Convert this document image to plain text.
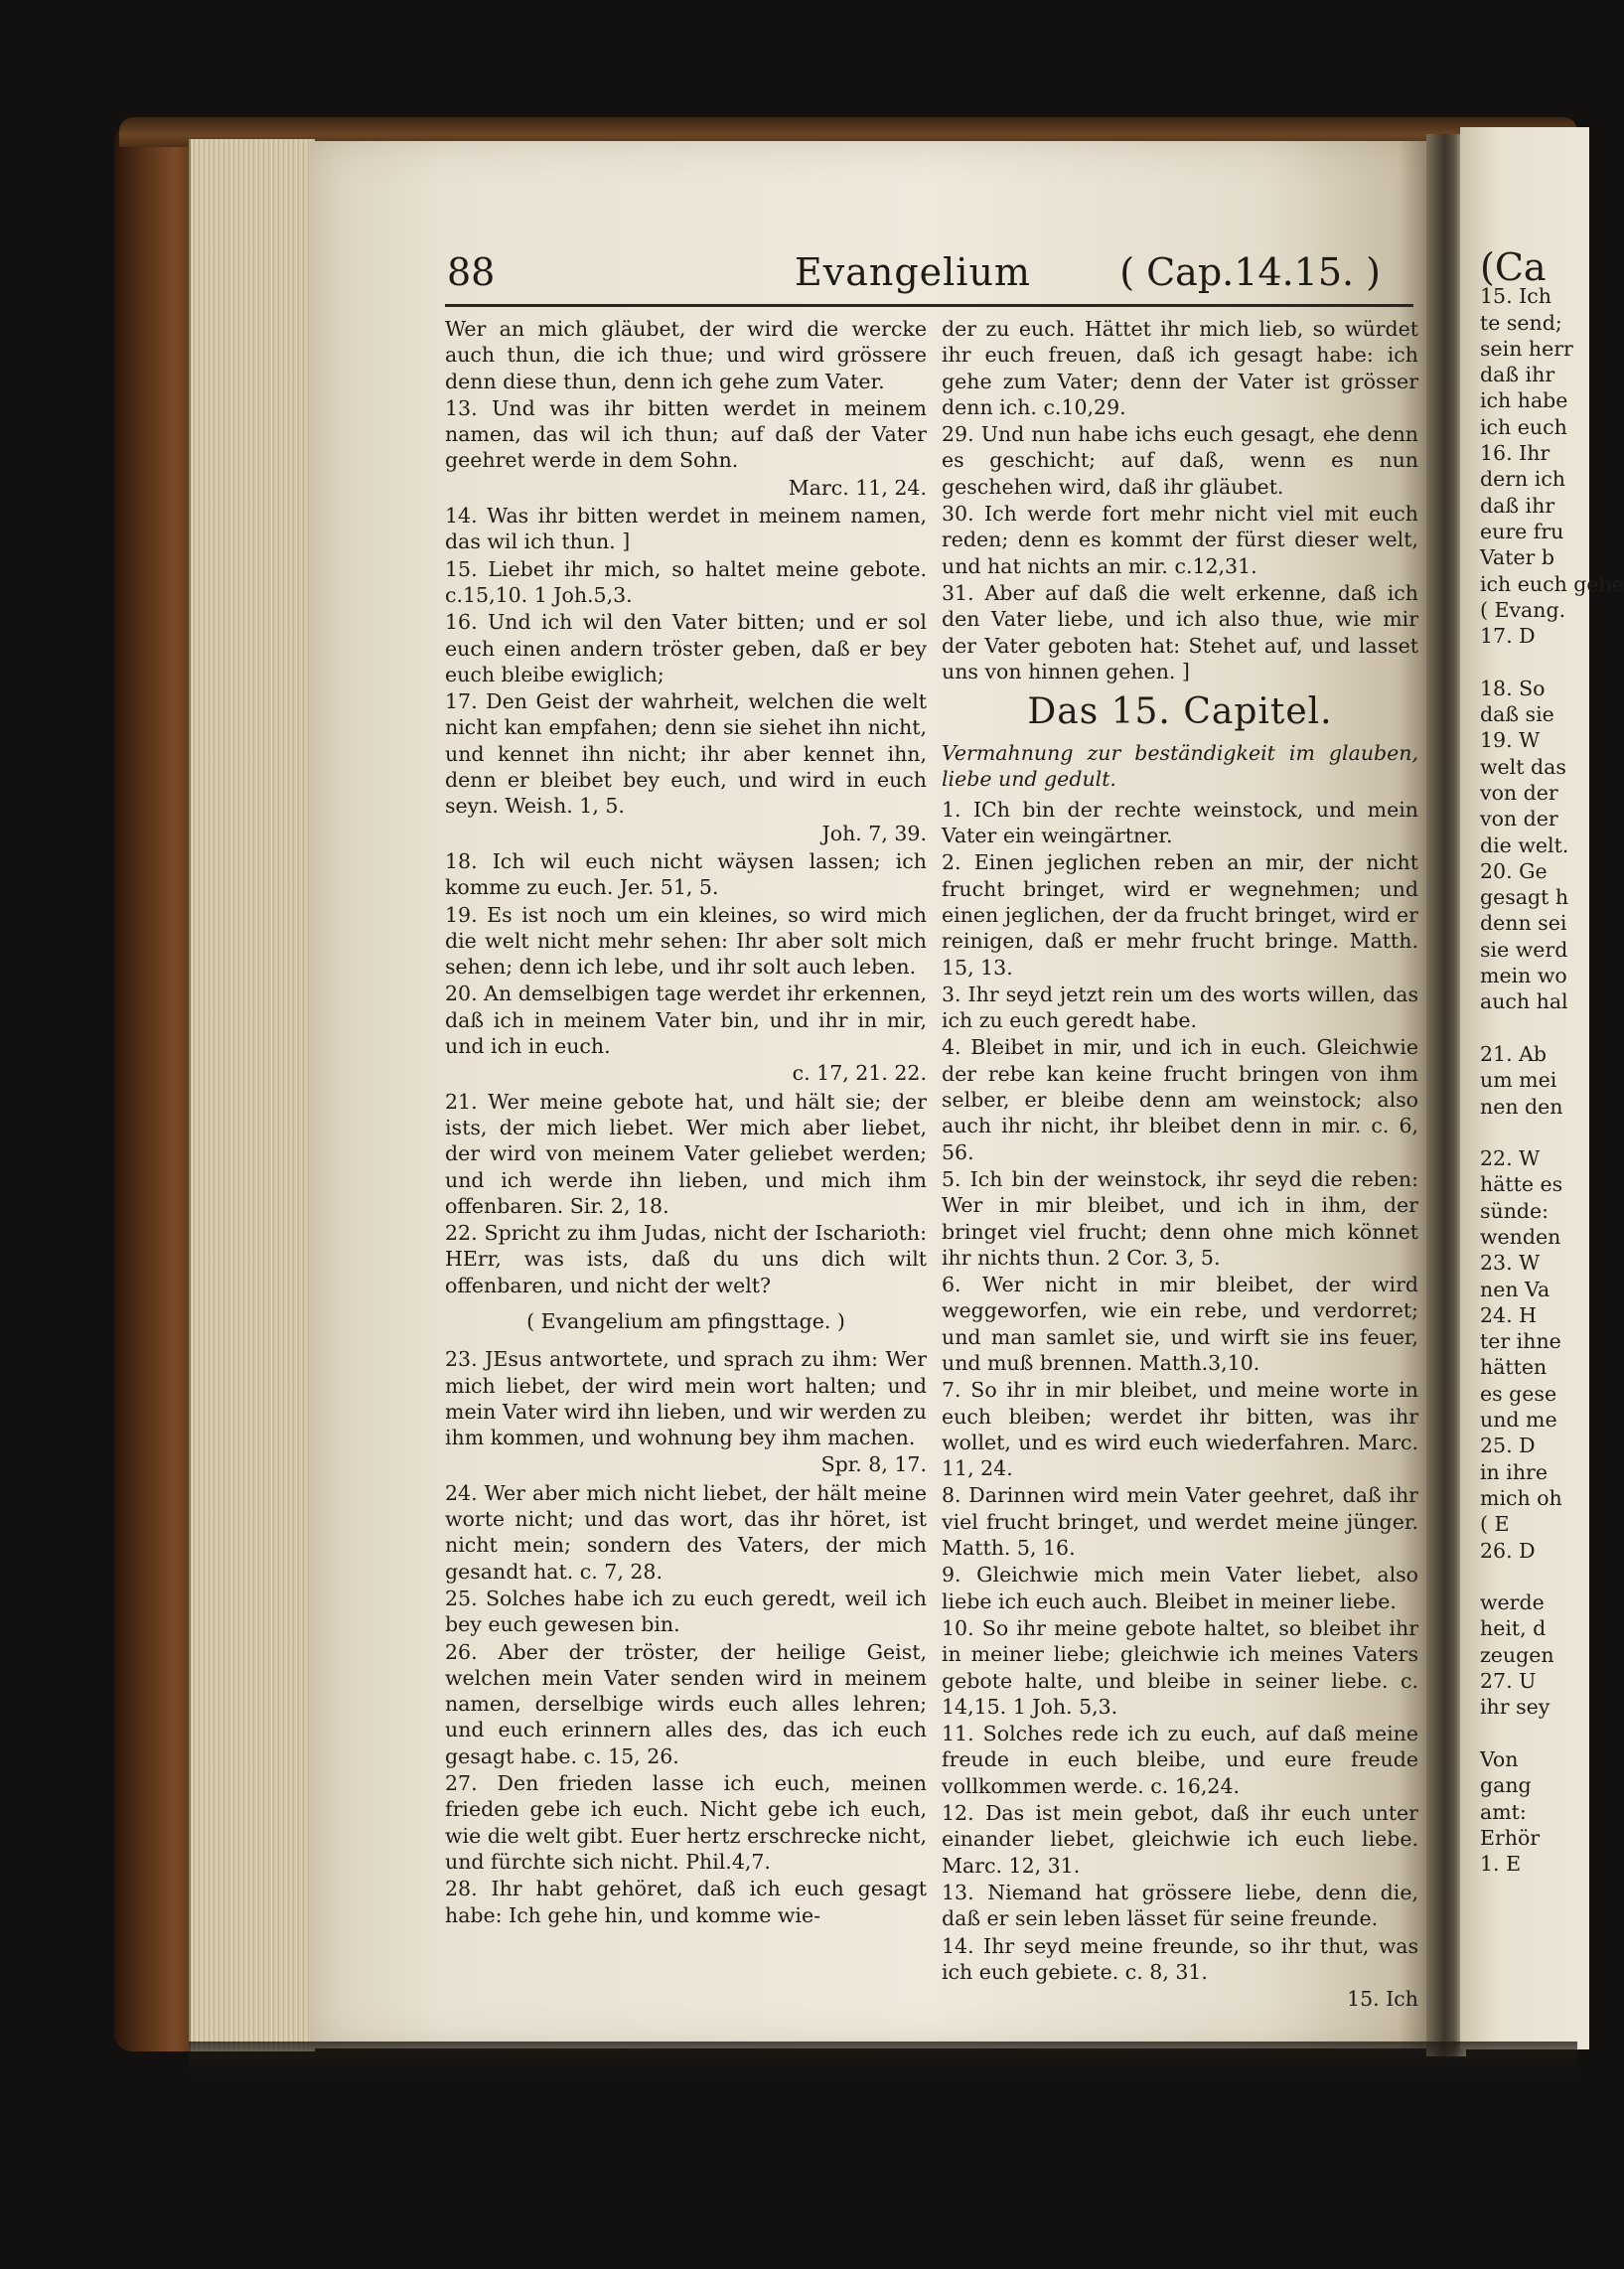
88	Evangelium ( Cap.14.15. )

Wer an mich gläubet, der wird die wercke auch thun, die ich thue; und wird grössere denn diese thun, denn ich gehe zum Vater.

13. Und was ihr bitten werdet in meinem namen, das wil ich thun; auf daß der Vater geehret werde in dem Sohn.

Marc. 11, 24.

14. Was ihr bitten werdet in meinem namen, das wil ich thun. ]

15. Liebet ihr mich, so haltet meine gebote. c.15,10. 1 Joh.5,3.

16. Und ich wil den Vater bitten; und er sol euch einen andern tröster geben, daß er bey euch bleibe ewiglich;

17. Den Geist der wahrheit, welchen die welt nicht kan empfahen; denn sie siehet ihn nicht, und kennet ihn nicht; ihr aber kennet ihn, denn er bleibet bey euch, und wird in euch seyn. Weish. 1, 5.

Joh. 7, 39.

18. Ich wil euch nicht wäysen lassen; ich komme zu euch. Jer. 51, 5.

19. Es ist noch um ein kleines, so wird mich die welt nicht mehr sehen: Ihr aber solt mich sehen; denn ich lebe, und ihr solt auch leben.

20. An demselbigen tage werdet ihr erkennen, daß ich in meinem Vater bin, und ihr in mir, und ich in euch.

c. 17, 21. 22.

21. Wer meine gebote hat, und hält sie; der ists, der mich liebet. Wer mich aber liebet, der wird von meinem Vater geliebet werden; und ich werde ihn lieben, und mich ihm offenbaren. Sir. 2, 18.

22. Spricht zu ihm Judas, nicht der Ischarioth: HErr, was ists, daß du uns dich wilt offenbaren, und nicht der welt?

( Evangelium am pfingsttage. )

23. JEsus antwortete, und sprach zu ihm: Wer mich liebet, der wird mein wort halten; und mein Vater wird ihn lieben, und wir werden zu ihm kommen, und wohnung bey ihm machen.

Spr. 8, 17.

24. Wer aber mich nicht liebet, der hält meine worte nicht; und das wort, das ihr höret, ist nicht mein; sondern des Vaters, der mich gesandt hat. c. 7, 28.

25. Solches habe ich zu euch geredt, weil ich bey euch gewesen bin.

26. Aber der tröster, der heilige Geist, welchen mein Vater senden wird in meinem namen, derselbige wirds euch alles lehren; und euch erinnern alles des, das ich euch gesagt habe. c. 15, 26.

27. Den frieden lasse ich euch, meinen frieden gebe ich euch. Nicht gebe ich euch, wie die welt gibt. Euer hertz erschrecke nicht, und fürchte sich nicht. Phil.4,7.

28. Ihr habt gehöret, daß ich euch gesagt habe: Ich gehe hin, und komme wie-

der zu euch. Hättet ihr mich lieb, so würdet ihr euch freuen, daß ich gesagt habe: ich gehe zum Vater; denn der Vater ist grösser denn ich. c.10,29.

29. Und nun habe ichs euch gesagt, ehe denn es geschicht; auf daß, wenn es nun geschehen wird, daß ihr gläubet.

30. Ich werde fort mehr nicht viel mit euch reden; denn es kommt der fürst dieser welt, und hat nichts an mir. c.12,31.

31. Aber auf daß die welt erkenne, daß ich den Vater liebe, und ich also thue, wie mir der Vater geboten hat: Stehet auf, und lasset uns von hinnen gehen. ]

Das 15. Capitel.

Vermahnung zur beständigkeit im glauben, liebe und gedult.

1. ICh bin der rechte weinstock, und mein Vater ein weingärtner.

2. Einen jeglichen reben an mir, der nicht frucht bringet, wird er wegnehmen; und einen jeglichen, der da frucht bringet, wird er reinigen, daß er mehr frucht bringe. Matth. 15, 13.

3. Ihr seyd jetzt rein um des worts willen, das ich zu euch geredt habe.

4. Bleibet in mir, und ich in euch. Gleichwie der rebe kan keine frucht bringen von ihm selber, er bleibe denn am weinstock; also auch ihr nicht, ihr bleibet denn in mir. c. 6, 56.

5. Ich bin der weinstock, ihr seyd die reben: Wer in mir bleibet, und ich in ihm, der bringet viel frucht; denn ohne mich könnet ihr nichts thun. 2 Cor. 3, 5.

6. Wer nicht in mir bleibet, der wird weggeworfen, wie ein rebe, und verdorret; und man samlet sie, und wirft sie ins feuer, und muß brennen. Matth.3,10.

7. So ihr in mir bleibet, und meine worte in euch bleiben; werdet ihr bitten, was ihr wollet, und es wird euch wiederfahren. Marc. 11, 24.

8. Darinnen wird mein Vater geehret, daß ihr viel frucht bringet, und werdet meine jünger. Matth. 5, 16.

9. Gleichwie mich mein Vater liebet, also liebe ich euch auch. Bleibet in meiner liebe.

10. So ihr meine gebote haltet, so bleibet ihr in meiner liebe; gleichwie ich meines Vaters gebote halte, und bleibe in seiner liebe. c. 14,15. 1 Joh. 5,3.

11. Solches rede ich zu euch, auf daß meine freude in euch bleibe, und eure freude vollkommen werde. c. 16,24.

12. Das ist mein gebot, daß ihr euch unter einander liebet, gleichwie ich euch liebe. Marc. 12, 31.

13. Niemand hat grössere liebe, denn die, daß er sein leben lässet für seine freunde.

14. Ihr seyd meine freunde, so ihr thut, was ich euch gebiete. c. 8, 31.

15. Ich

(Ca
15. Ich
te send;
sein herr
daß ihr
ich habe
ich euch
16. Ihr
dern ich
daß ihr
eure fru
Vater b
ich euch gebe
( Evang.
17. D
18. So
daß sie
19. W
welt das
von der
von der
die welt.
20. Ge
gesagt h
denn sei
sie werd
mein wo
auch hal
21. Ab
um mei
nen den
22. W
hätte es
sünde:
wenden
23. W
nen Va
24. H
ter ihne
hätten
es gese
und me
25. D
in ihre
mich oh
( E
26. D
werde
heit, d
zeugen
27. U
ihr sey
Von
gang
amt:
Erhör
1. E
